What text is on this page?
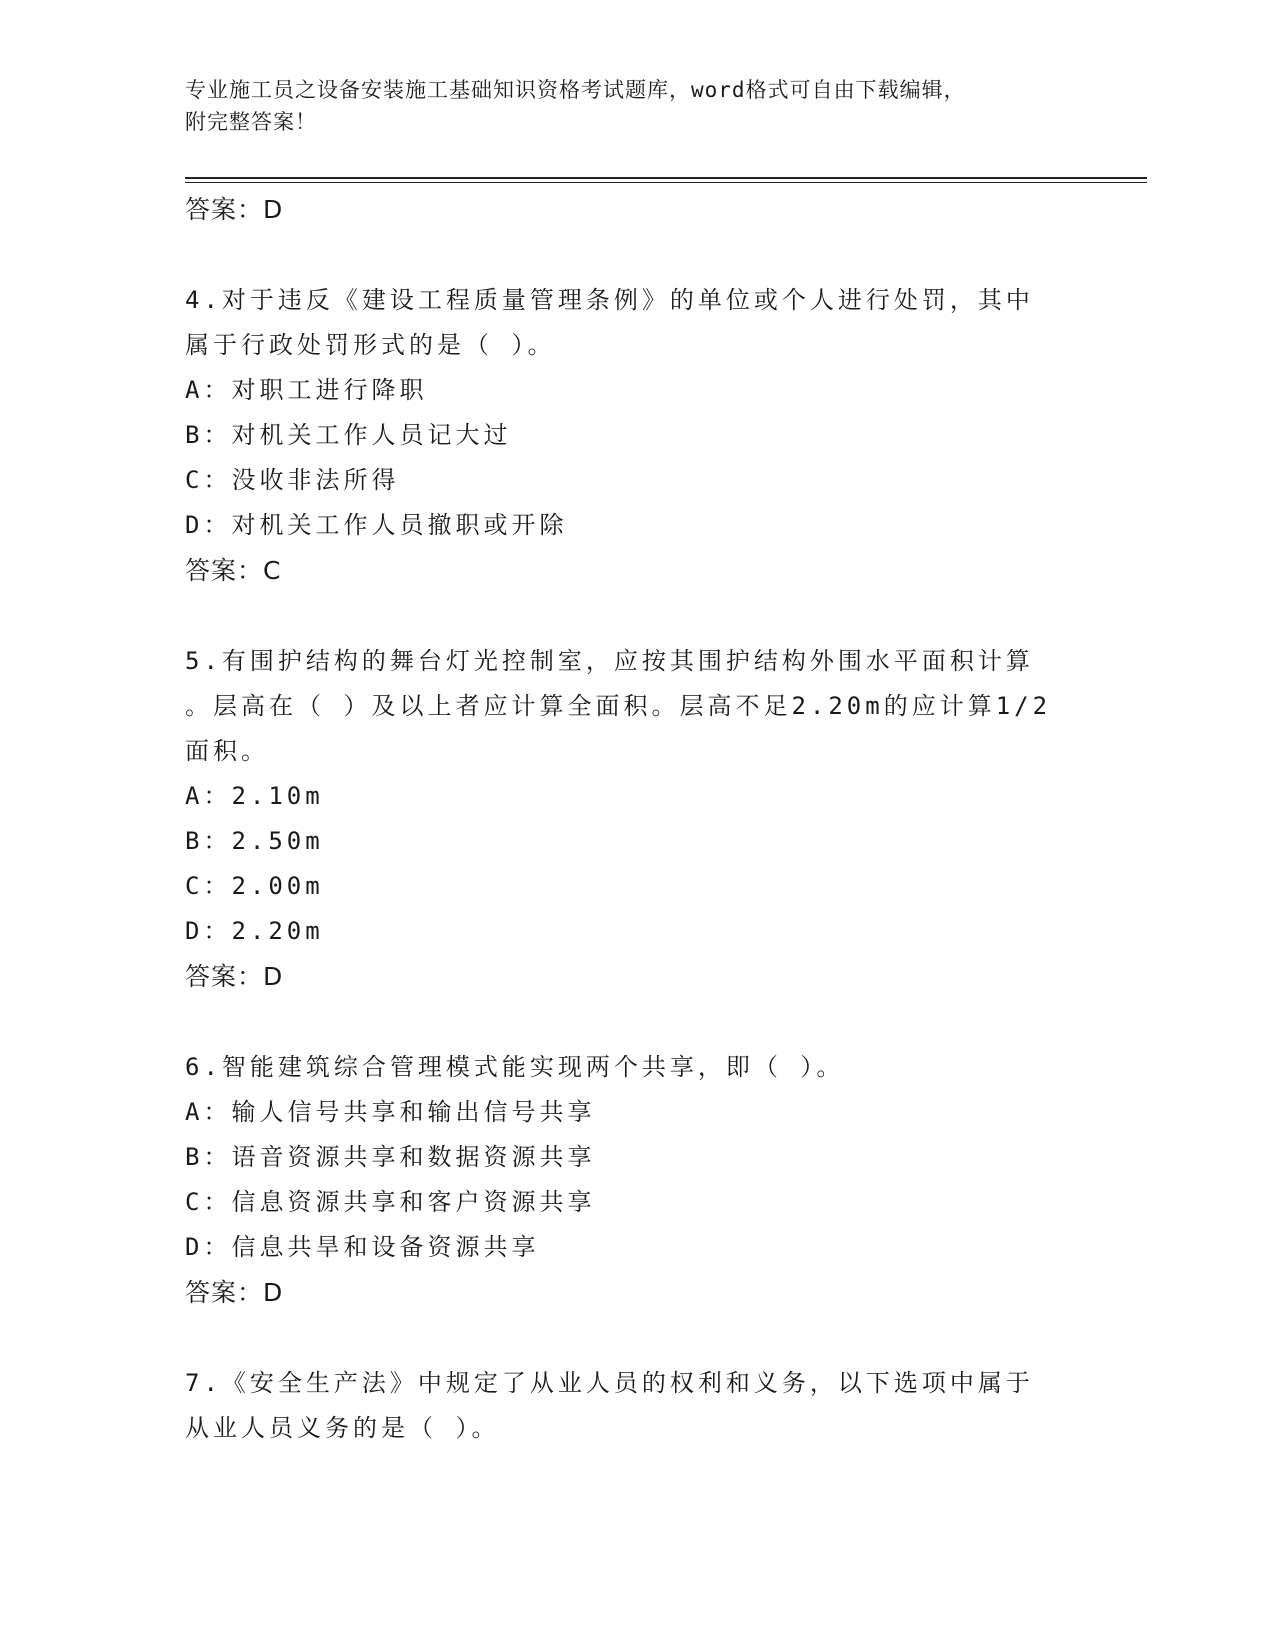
专业施工员之设备安装施工基础知识资格考试题库，word格式可自由下载编辑，
附完整答案！
答案：D
4.对于违反《建设工程质量管理条例》的单位或个人进行处罚，其中
属于行政处罚形式的是（ ）。
A：对职工进行降职
B：对机关工作人员记大过
C：没收非法所得
D：对机关工作人员撤职或开除
答案：C
5.有围护结构的舞台灯光控制室，应按其围护结构外围水平面积计算
。层高在（ ）及以上者应计算全面积。层高不足2.20m的应计算1/2
面积。
A：2.10m
B：2.50m
C：2.00m
D：2.20m
答案：D
6.智能建筑综合管理模式能实现两个共享，即（ ）。
A：输人信号共享和输出信号共享
B：语音资源共享和数据资源共享
C：信息资源共享和客户资源共享
D：信息共旱和设备资源共享
答案：D
7.《安全生产法》中规定了从业人员的权利和义务，以下选项中属于
从业人员义务的是（ ）。
